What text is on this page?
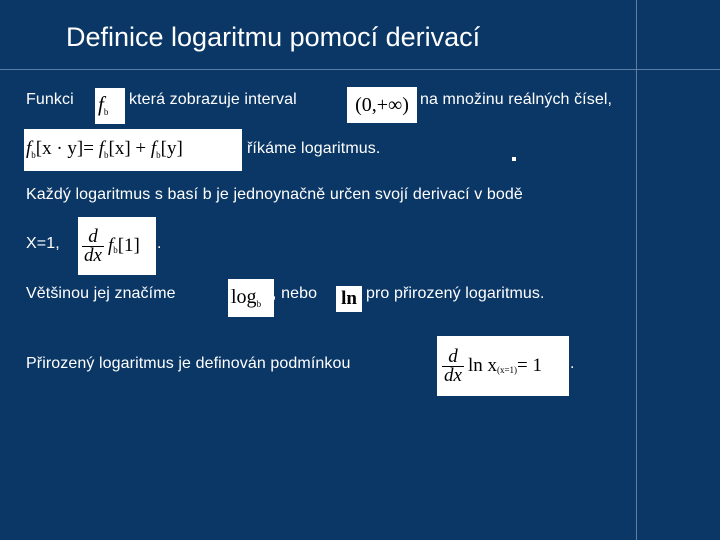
Definice logaritmu pomocí derivací
Funkci fb
která zobrazuje interval	(0,+∞) na množinu reálných čísel,
$f_b[x \cdot y]= f_b[x] + f_b[y]$	říkáme logaritmus.
Každý logaritmus s basí b je jednoynačně určen svojí derivací v bodě
X=1, $\frac{d}{dx}$ f b [1] .
Většinou jej značíme	$\log_b$
, nebo ln pro přirozený logaritmus.
Přirozený logaritmus je definován podmínkou	$\frac{d}{dx}$ ln x (x=1) = 1 .
